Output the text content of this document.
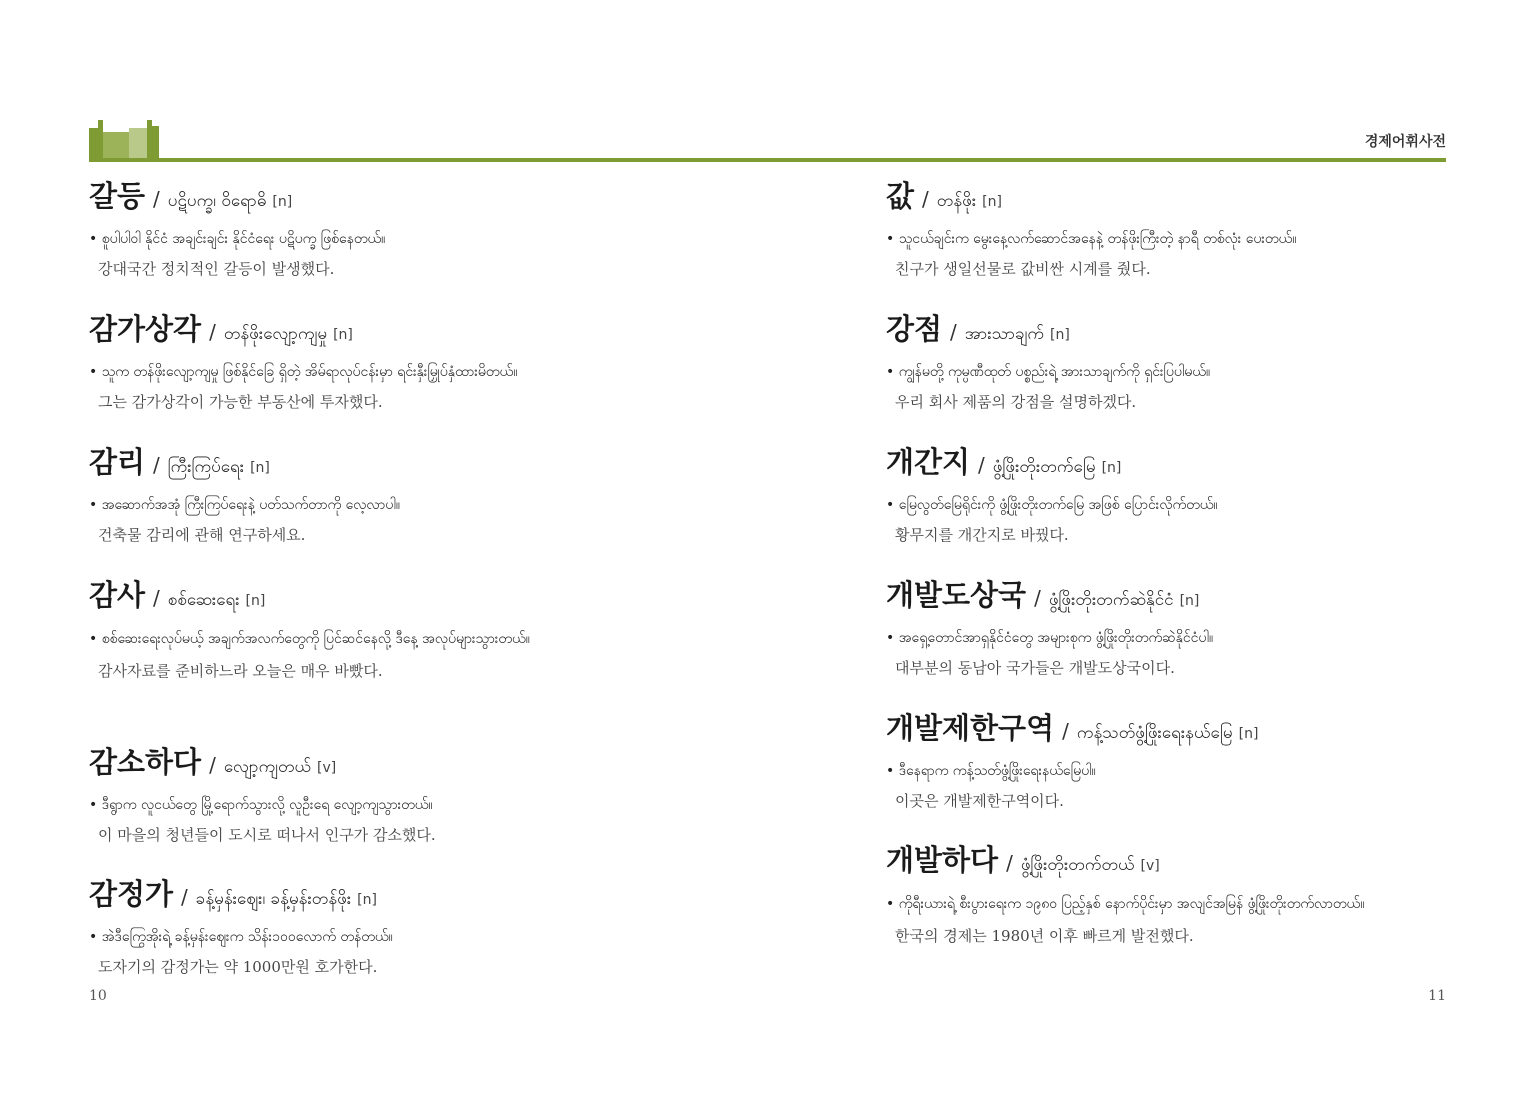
경제어휘사전
갈등 / ပဋိပက္ခ၊ ဝိရောဓိ [n]
• စူပါပါဝါ နိုင်ငံ အချင်းချင်း နိုင်ငံရေး ပဋိပက္ခ ဖြစ်နေတယ်။
강대국간 정치적인 갈등이 발생했다.
감가상각 / တန်ဖိုးလျော့ကျမှု [n]
• သူက တန်ဖိုးလျော့ကျမှု ဖြစ်နိုင်ခြေ ရှိတဲ့ အိမ်ရာလုပ်ငန်းမှာ ရင်းနှီးမြှုပ်နှံထားမိတယ်။
그는 감가상각이 가능한 부동산에 투자했다.
감리 / ကြီးကြပ်ရေး [n]
• အဆောက်အအုံ ကြီးကြပ်ရေးနဲ့ ပတ်သက်တာကို လေ့လာပါ။
건축물 감리에 관해 연구하세요.
감사 / စစ်ဆေးရေး [n]
• စစ်ဆေးရေးလုပ်မယ့် အချက်အလက်တွေကို ပြင်ဆင်နေလို့ ဒီနေ့ အလုပ်များသွားတယ်။
감사자료를 준비하느라 오늘은 매우 바빴다.
감소하다 / လျော့ကျတယ် [v]
• ဒီရွာက လူငယ်တွေ မြို့ရောက်သွားလို့ လူဦးရေ လျော့ကျသွားတယ်။
이 마을의 청년들이 도시로 떠나서 인구가 감소했다.
감정가 / ခန့်မှန်းဈေး၊ ခန့်မှန်းတန်ဖိုး [n]
• အဲဒီကြွေအိုးရဲ့ ခန့်မှန်းဈေးက သိန်း၁၀၀လောက် တန်တယ်။
도자기의 감정가는 약 1000만원 호가한다.
값 / တန်ဖိုး [n]
• သူငယ်ချင်းက မွေးနေ့လက်ဆောင်အနေနဲ့ တန်ဖိုးကြီးတဲ့ နာရီ တစ်လုံး ပေးတယ်။
친구가 생일선물로 값비싼 시계를 줬다.
강점 / အားသာချက် [n]
• ကျွန်မတို့ ကုမ္ပဏီထုတ် ပစ္စည်းရဲ့ အားသာချက်ကို ရှင်းပြပါမယ်။
우리 회사 제품의 강점을 설명하겠다.
개간지 / ဖွံ့ဖြိုးတိုးတက်မြေ [n]
• မြေလွတ်မြေရိုင်းကို ဖွံ့ဖြိုးတိုးတက်မြေ အဖြစ် ပြောင်းလိုက်တယ်။
황무지를 개간지로 바꿨다.
개발도상국 / ဖွံ့ဖြိုးတိုးတက်ဆဲနိုင်ငံ [n]
• အရှေ့တောင်အာရှနိုင်ငံတွေ အများစုက ဖွံ့ဖြိုးတိုးတက်ဆဲနိုင်ငံပါ။
대부분의 동남아 국가들은 개발도상국이다.
개발제한구역 / ကန့်သတ်ဖွံ့ဖြိုးရေးနယ်မြေ [n]
• ဒီနေရာက ကန့်သတ်ဖွံ့ဖြိုးရေးနယ်မြေပါ။
이곳은 개발제한구역이다.
개발하다 / ဖွံ့ဖြိုးတိုးတက်တယ် [v]
• ကိုရီးယားရဲ့ စီးပွားရေးက ၁၉၈၀ ပြည့်နှစ် နောက်ပိုင်းမှာ အလျင်အမြန် ဖွံ့ဖြိုးတိုးတက်လာတယ်။
한국의 경제는 1980년 이후 빠르게 발전했다.
10	11
